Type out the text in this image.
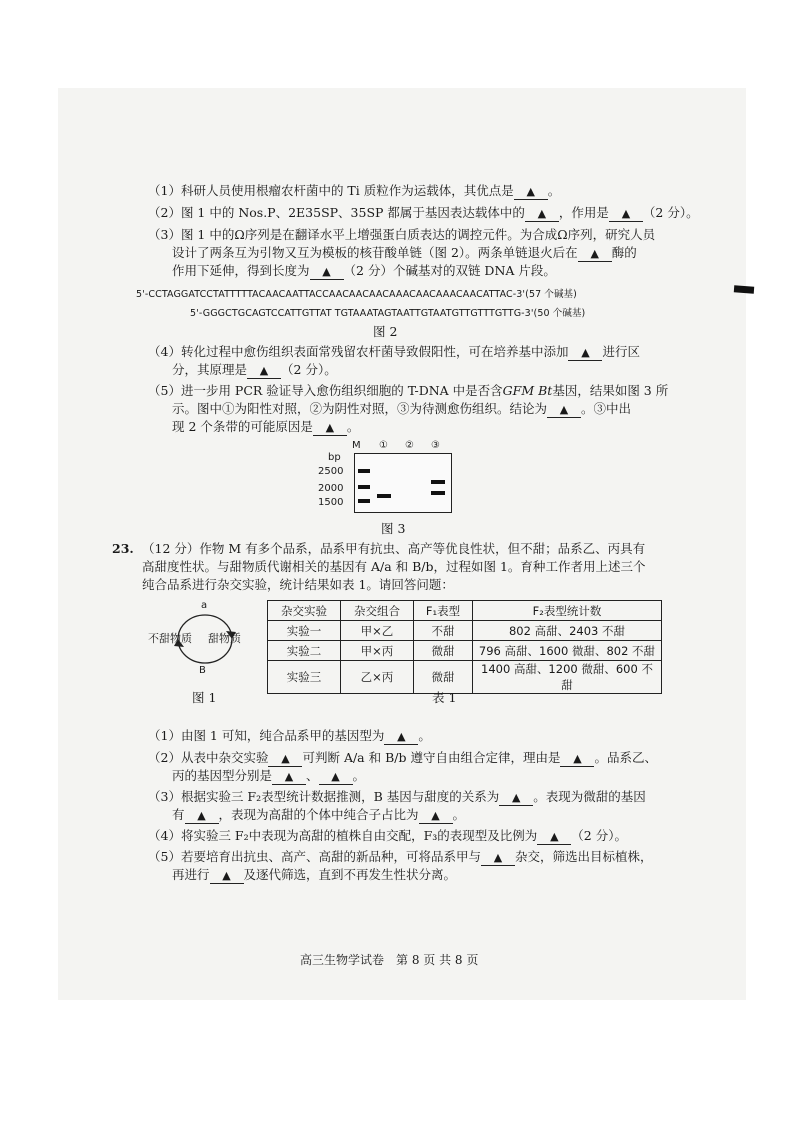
（1）科研人员使用根瘤农杆菌中的 Ti 质粒作为运载体，其优点是 ▲ 。
（2）图 1 中的 Nos.P、2E35SP、35SP 都属于基因表达载体中的 ▲ ，作用是 ▲ （2 分）。
（3）图 1 中的Ω序列是在翻译水平上增强蛋白质表达的调控元件。为合成Ω序列，研究人员
设计了两条互为引物又互为模板的核苷酸单链（图 2）。两条单链退火后在 ▲ 酶的
作用下延伸，得到长度为 ▲ （2 分）个碱基对的双链 DNA 片段。
5'-CCTAGGATCCTATTTTTACAACAATTACCAACAACAACAAACAACAAACAACATTAC-3'(57 个碱基)
5'-GGGCTGCAGTCCATTGTTAT TGTAAATAGTAATTGTAATGTTGTTTGTTG-3'(50 个碱基)
图 2
（4）转化过程中愈伤组织表面常残留农杆菌导致假阳性，可在培养基中添加 ▲ 进行区
分，其原理是 ▲ （2 分）。
（5）进一步用 PCR 验证导入愈伤组织细胞的 T-DNA 中是否含GFM Bt基因，结果如图 3 所
示。图中①为阳性对照，②为阴性对照，③为待测愈伤组织。结论为 ▲ 。③中出
现 2 个条带的可能原因是 ▲ 。
M ① ② ③
bp
2500
2000
1500
图 3
23. （12 分）作物 M 有多个品系，品系甲有抗虫、高产等优良性状，但不甜；品系乙、丙具有
高甜度性状。与甜物质代谢相关的基因有 A/a 和 B/b，过程如图 1。育种工作者用上述三个
纯合品系进行杂交实验，统计结果如表 1。请回答问题：
a
B
不甜物质 甜物质
图 1
杂交实验	杂交组合	F₁表型	F₂表型统计数
实验一	甲×乙	不甜	802 高甜、2403 不甜
实验二	甲×丙	微甜	796 高甜、1600 微甜、802 不甜
实验三	乙×丙	微甜	1400 高甜、1200 微甜、600 不甜
表 1
（1）由图 1 可知，纯合品系甲的基因型为 ▲ 。
（2）从表中杂交实验 ▲ 可判断 A/a 和 B/b 遵守自由组合定律，理由是 ▲ 。品系乙、
丙的基因型分别是 ▲ 、 ▲ 。
（3）根据实验三 F₂表型统计数据推测，B 基因与甜度的关系为 ▲ 。表现为微甜的基因
有 ▲ ，表现为高甜的个体中纯合子占比为 ▲ 。
（4）将实验三 F₂中表现为高甜的植株自由交配，F₃的表现型及比例为 ▲ （2 分）。
（5）若要培育出抗虫、高产、高甜的新品种，可将品系甲与 ▲ 杂交，筛选出目标植株，
再进行 ▲ 及逐代筛选，直到不再发生性状分离。
高三生物学试卷　第 8 页 共 8 页
